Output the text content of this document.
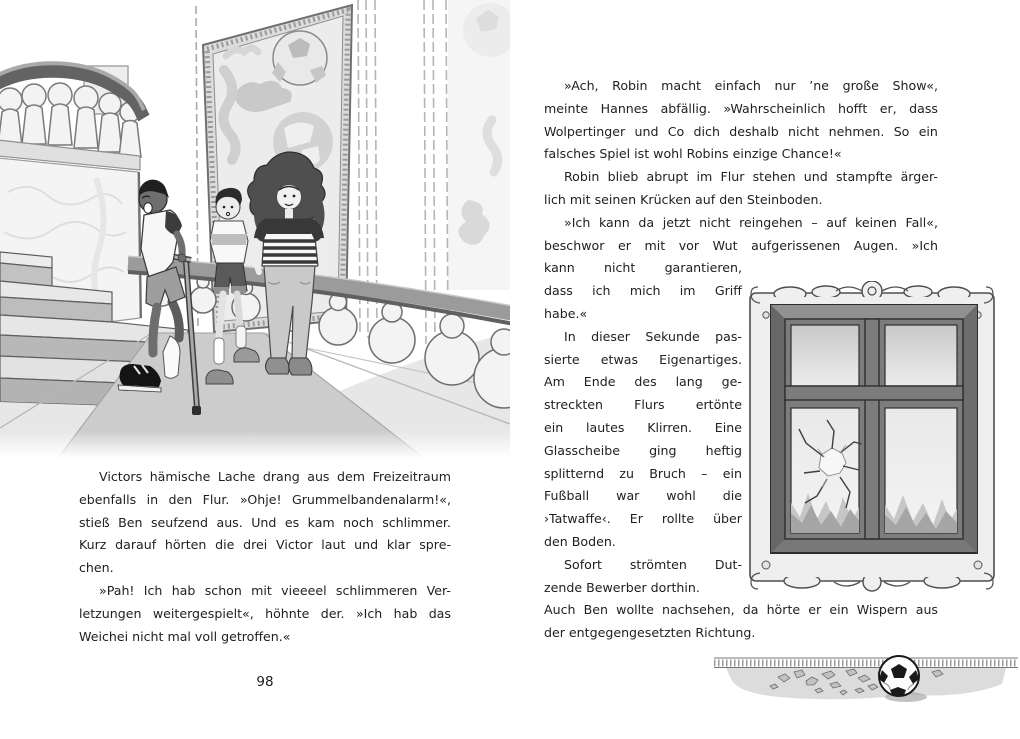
Victors hämische Lache drang aus dem Freizeitraum
ebenfalls in den Flur. »Ohje! Grummelbandenalarm!«,
stieß Ben seufzend aus. Und es kam noch schlimmer.
Kurz darauf hörten die drei Victor laut und klar spre-
chen.
»Pah! Ich hab schon mit vieeeel schlimmeren Ver-
letzungen weitergespielt«, höhnte der. »Ich hab das
Weichei nicht mal voll getroffen.«
98
»Ach, Robin macht einfach nur ’ne große Show«,
meinte Hannes abfällig. »Wahrscheinlich hofft er, dass
Wolpertinger und Co dich deshalb nicht nehmen. So ein
falsches Spiel ist wohl Robins einzige Chance!«
Robin blieb abrupt im Flur stehen und stampfte ärger-
lich mit seinen Krücken auf den Steinboden.
»Ich kann da jetzt nicht reingehen – auf keinen Fall«,
beschwor er mit vor Wut aufgerissenen Augen. »Ich
kann nicht garantieren,
dass ich mich im Griff
habe.«
In dieser Sekunde pas-
sierte etwas Eigenartiges.
Am Ende des lang ge-
streckten Flurs ertönte
ein lautes Klirren. Eine
Glasscheibe ging heftig
splitternd zu Bruch – ein
Fußball war wohl die
›Tatwaffe‹. Er rollte über
den Boden.
Sofort strömten Dut-
zende Bewerber dorthin.
Auch Ben wollte nachsehen, da hörte er ein Wispern aus
der entgegengesetzten Richtung.
